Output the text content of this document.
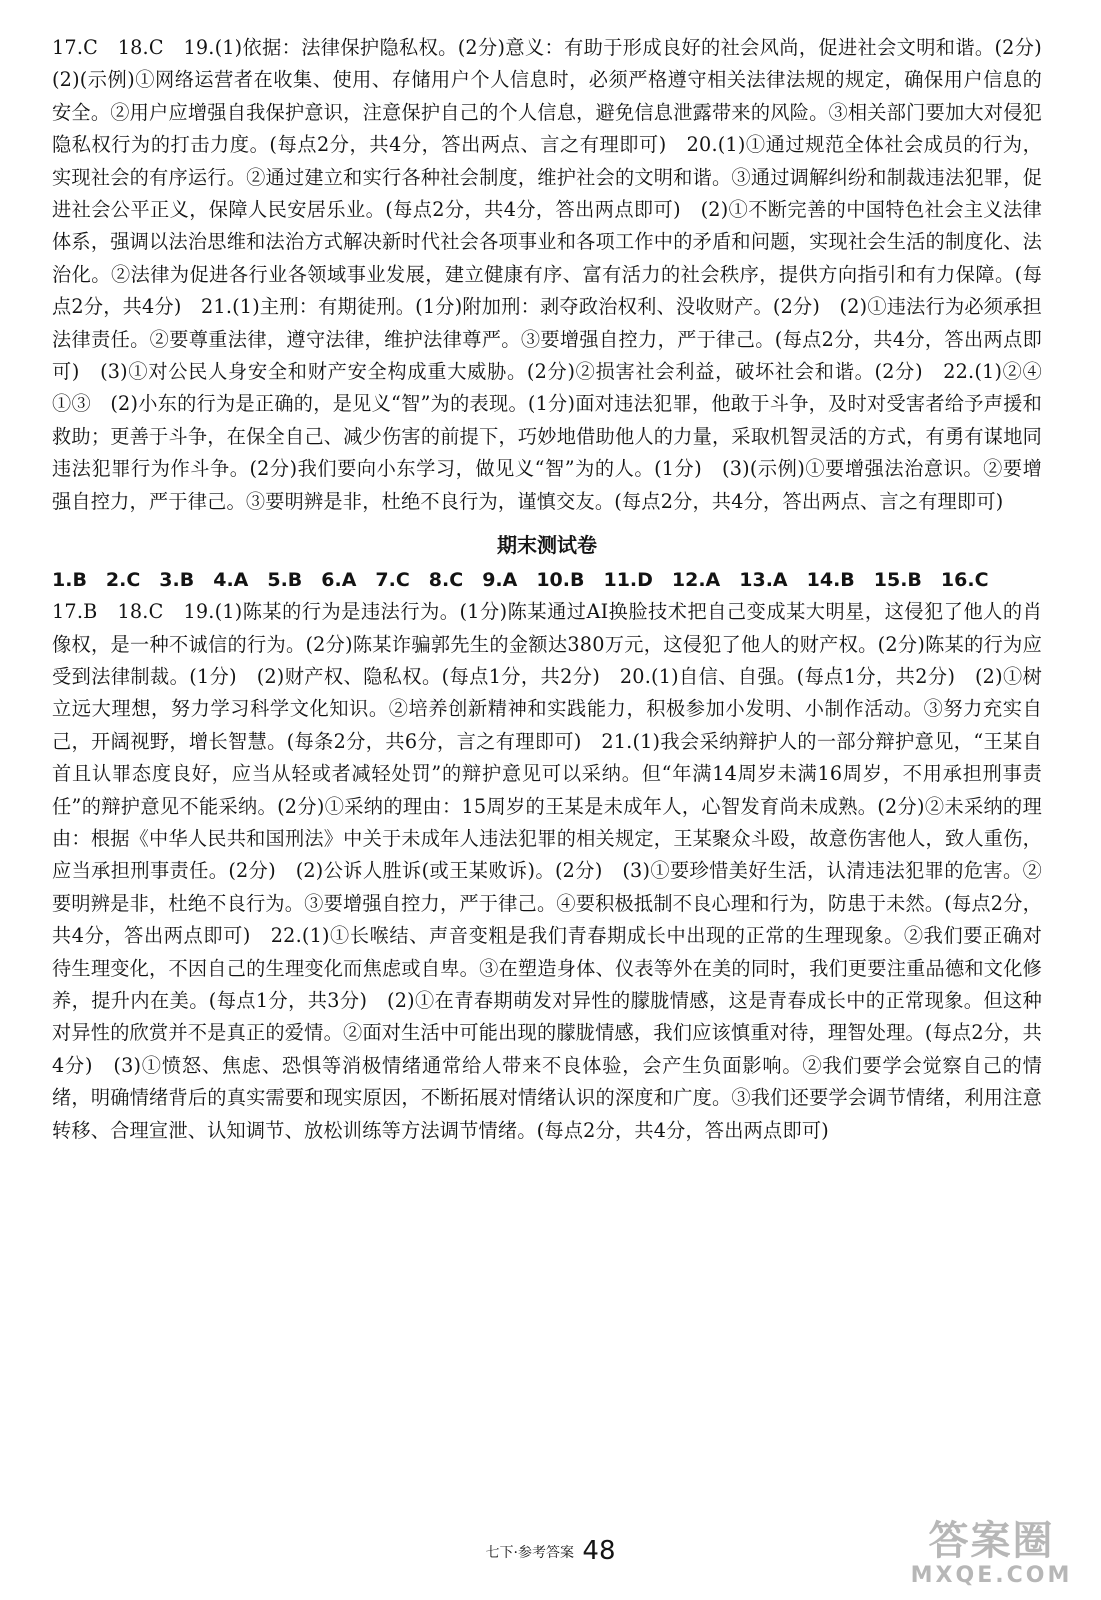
17.C　18.C　19.(1)依据：法律保护隐私权。(2分)意义：有助于形成良好的社会风尚，促进社会文明和谐。(2分)　(2)(示例)①网络运营者在收集、使用、存储用户个人信息时，必须严格遵守相关法律法规的规定，确保用户信息的安全。②用户应增强自我保护意识，注意保护自己的个人信息，避免信息泄露带来的风险。③相关部门要加大对侵犯隐私权行为的打击力度。(每点2分，共4分，答出两点、言之有理即可)　20.(1)①通过规范全体社会成员的行为，实现社会的有序运行。②通过建立和实行各种社会制度，维护社会的文明和谐。③通过调解纠纷和制裁违法犯罪，促进社会公平正义，保障人民安居乐业。(每点2分，共4分，答出两点即可)　(2)①不断完善的中国特色社会主义法律体系，强调以法治思维和法治方式解决新时代社会各项事业和各项工作中的矛盾和问题，实现社会生活的制度化、法治化。②法律为促进各行业各领域事业发展，建立健康有序、富有活力的社会秩序，提供方向指引和有力保障。(每点2分，共4分)　21.(1)主刑：有期徒刑。(1分)附加刑：剥夺政治权利、没收财产。(2分)　(2)①违法行为必须承担法律责任。②要尊重法律，遵守法律，维护法律尊严。③要增强自控力，严于律己。(每点2分，共4分，答出两点即可)　(3)①对公民人身安全和财产安全构成重大威胁。(2分)②损害社会利益，破坏社会和谐。(2分)　22.(1)②④　①③　(2)小东的行为是正确的，是见义“智”为的表现。(1分)面对违法犯罪，他敢于斗争，及时对受害者给予声援和救助；更善于斗争，在保全自己、减少伤害的前提下，巧妙地借助他人的力量，采取机智灵活的方式，有勇有谋地同违法犯罪行为作斗争。(2分)我们要向小东学习，做见义“智”为的人。(1分)　(3)(示例)①要增强法治意识。②要增强自控力，严于律己。③要明辨是非，杜绝不良行为，谨慎交友。(每点2分，共4分，答出两点、言之有理即可)

期末测试卷

1.B　2.C　3.B　4.A　5.B　6.A　7.C　8.C　9.A　10.B　11.D　12.A　13.A　14.B　15.B　16.C

17.B　18.C　19.(1)陈某的行为是违法行为。(1分)陈某通过AI换脸技术把自己变成某大明星，这侵犯了他人的肖像权，是一种不诚信的行为。(2分)陈某诈骗郭先生的金额达380万元，这侵犯了他人的财产权。(2分)陈某的行为应受到法律制裁。(1分)　(2)财产权、隐私权。(每点1分，共2分)　20.(1)自信、自强。(每点1分，共2分)　(2)①树立远大理想，努力学习科学文化知识。②培养创新精神和实践能力，积极参加小发明、小制作活动。③努力充实自己，开阔视野，增长智慧。(每条2分，共6分，言之有理即可)　21.(1)我会采纳辩护人的一部分辩护意见，“王某自首且认罪态度良好，应当从轻或者减轻处罚”的辩护意见可以采纳。但“年满14周岁未满16周岁，不用承担刑事责任”的辩护意见不能采纳。(2分)①采纳的理由：15周岁的王某是未成年人，心智发育尚未成熟。(2分)②未采纳的理由：根据《中华人民共和国刑法》中关于未成年人违法犯罪的相关规定，王某聚众斗殴，故意伤害他人，致人重伤，应当承担刑事责任。(2分)　(2)公诉人胜诉(或王某败诉)。(2分)　(3)①要珍惜美好生活，认清违法犯罪的危害。②要明辨是非，杜绝不良行为。③要增强自控力，严于律己。④要积极抵制不良心理和行为，防患于未然。(每点2分，共4分，答出两点即可)　22.(1)①长喉结、声音变粗是我们青春期成长中出现的正常的生理现象。②我们要正确对待生理变化，不因自己的生理变化而焦虑或自卑。③在塑造身体、仪表等外在美的同时，我们更要注重品德和文化修养，提升内在美。(每点1分，共3分)　(2)①在青春期萌发对异性的朦胧情感，这是青春成长中的正常现象。但这种对异性的欣赏并不是真正的爱情。②面对生活中可能出现的朦胧情感，我们应该慎重对待，理智处理。(每点2分，共4分)　(3)①愤怒、焦虑、恐惧等消极情绪通常给人带来不良体验，会产生负面影响。②我们要学会觉察自己的情绪，明确情绪背后的真实需要和现实原因，不断拓展对情绪认识的深度和广度。③我们还要学会调节情绪，利用注意转移、合理宣泄、认知调节、放松训练等方法调节情绪。(每点2分，共4分，答出两点即可)

七下·参考答案 48	答案圈
MXQE.COM
